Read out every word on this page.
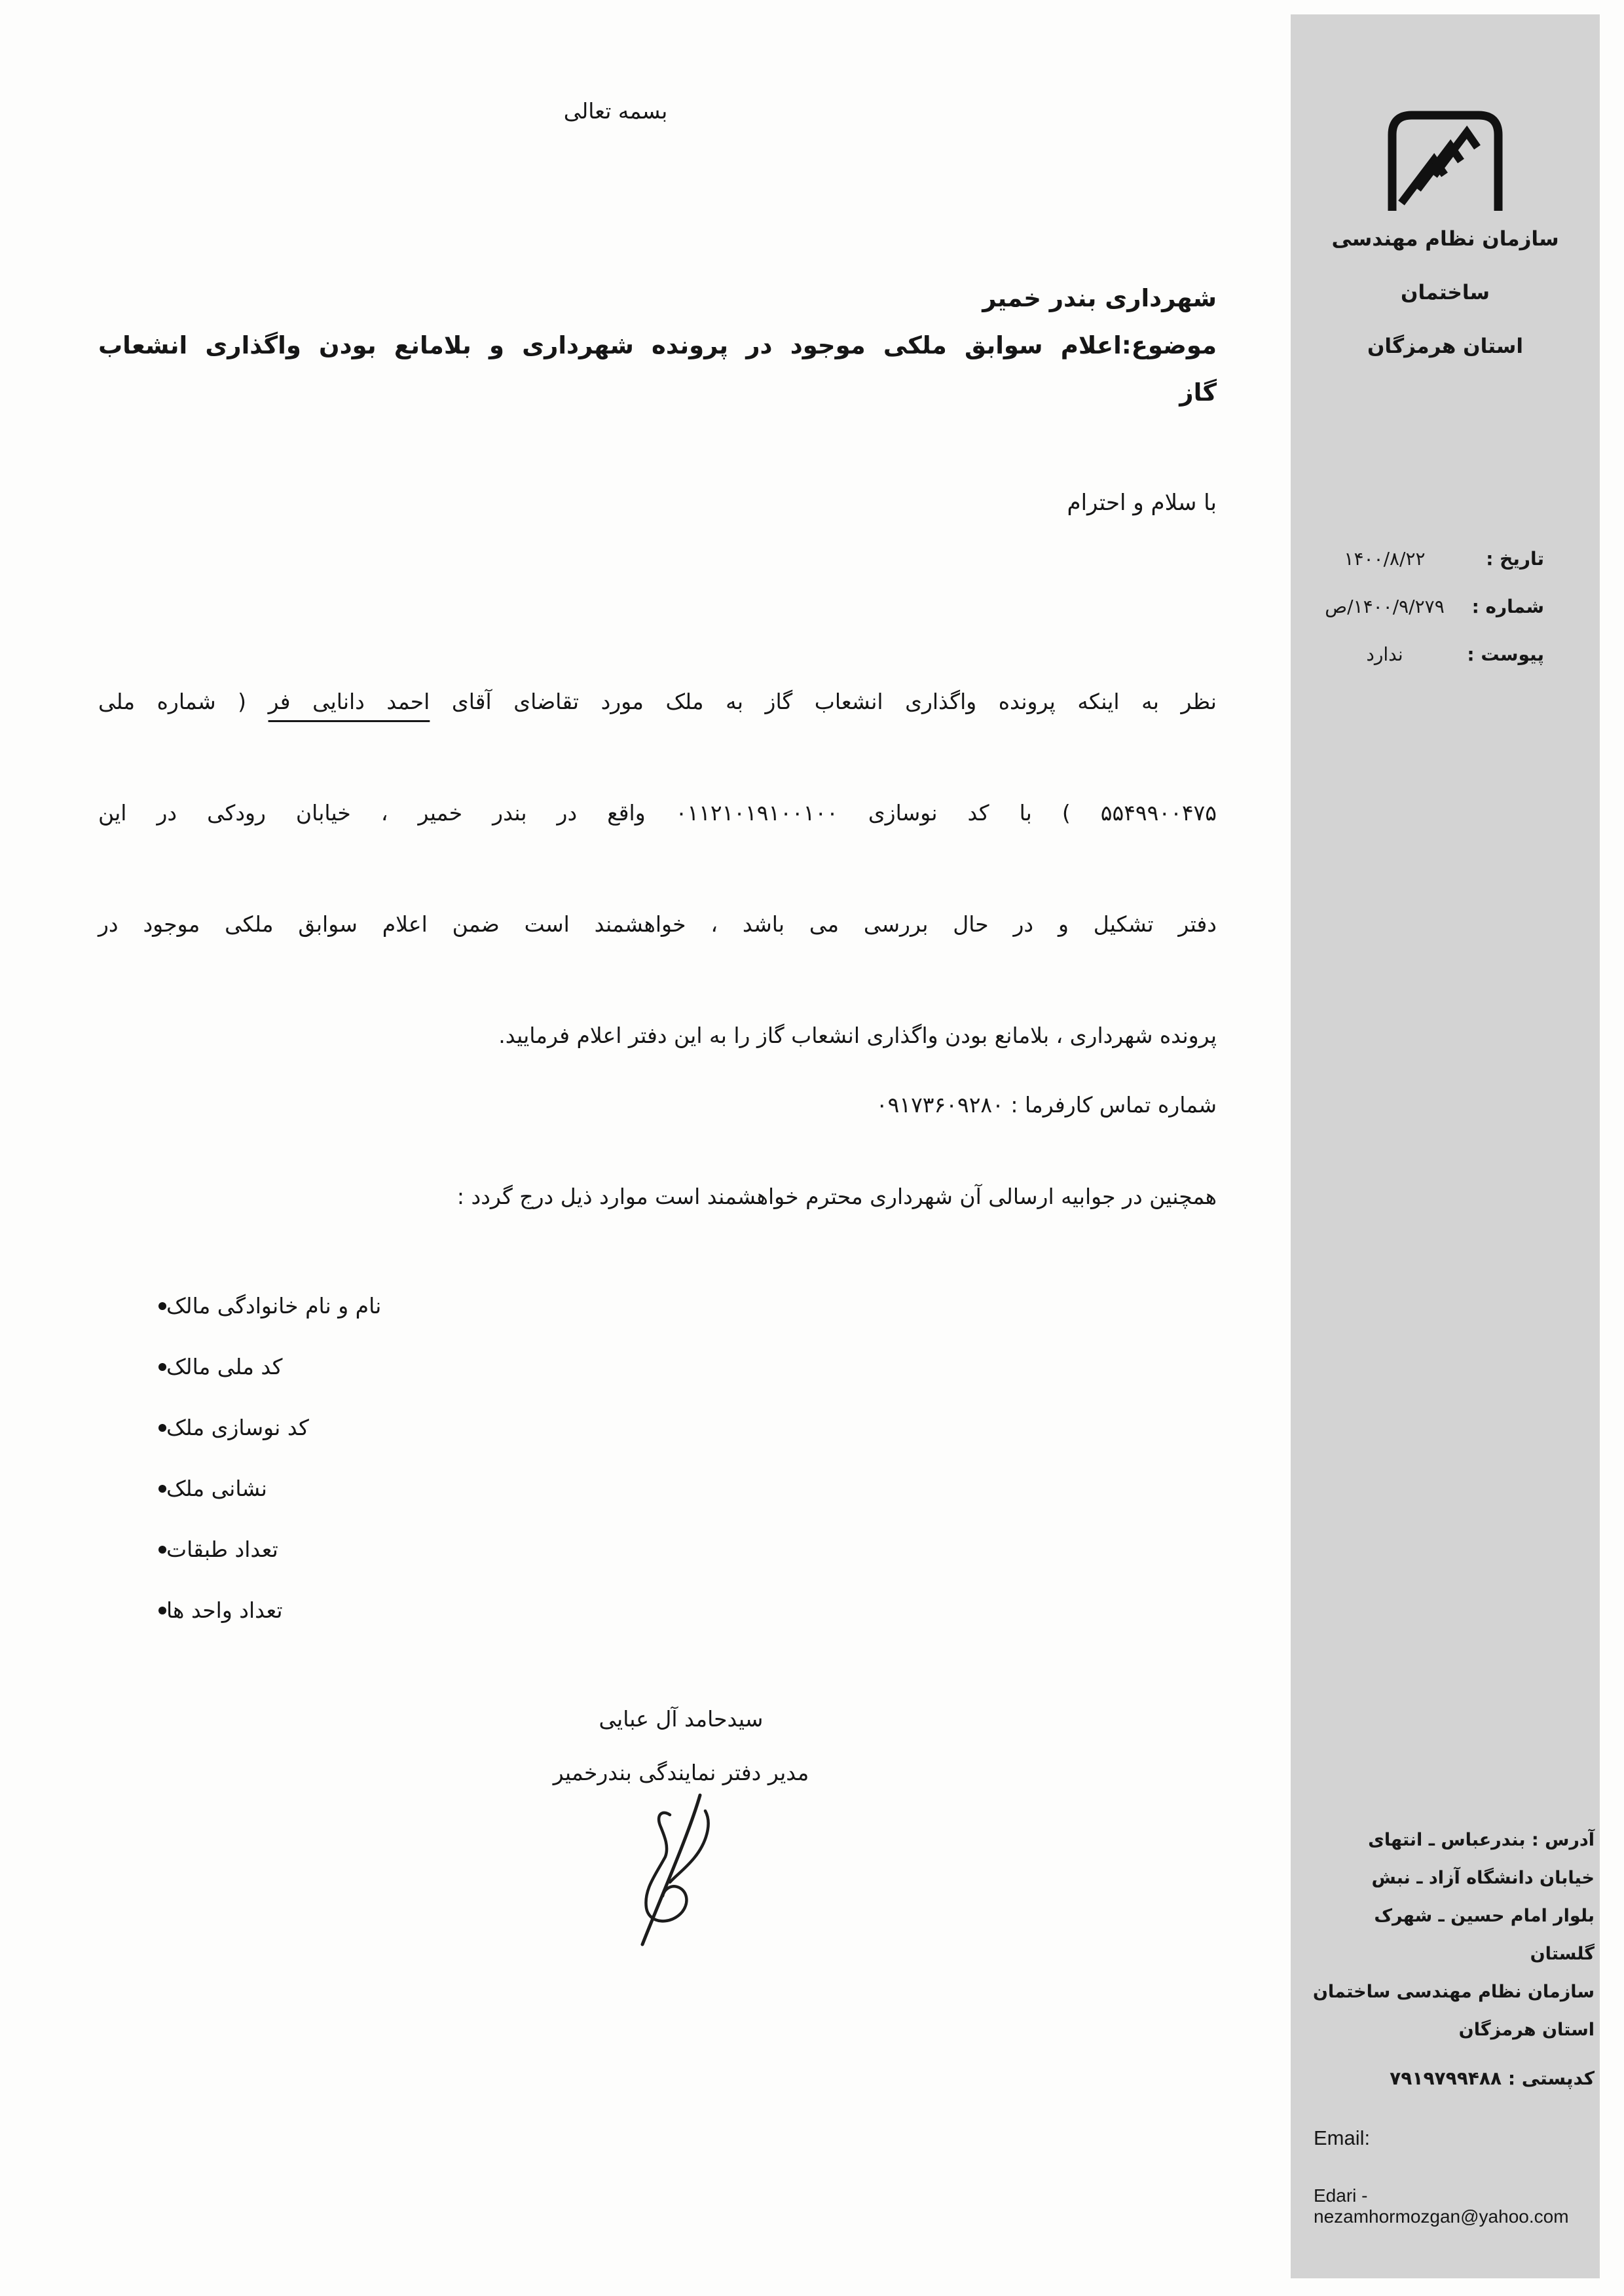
بسمه تعالی
شهرداری بندر خمیر
موضوع:اعلام سوابق ملکی موجود در پرونده شهرداری و بلامانع بودن واگذاری انشعاب
گاز
با سلام و احترام
نظر به اینکه پرونده واگذاری انشعاب گاز به ملک مورد تقاضای آقای احمد دانایی فر ( شماره ملی
۵۵۴۹۹۰۰۴۷۵ ) با کد نوسازی ۰۱۱۲۱۰۱۹۱۰۰۱۰۰ واقع در بندر خمیر ، خیابان رودکی در این
دفتر تشکیل و در حال بررسی می باشد ، خواهشمند است ضمن اعلام سوابق ملکی موجود در
پرونده شهرداری ، بلامانع بودن واگذاری انشعاب گاز را به این دفتر اعلام فرمایید.
شماره تماس کارفرما : ۰۹۱۷۳۶۰۹۲۸۰
همچنین در جوابیه ارسالی آن شهرداری محترم خواهشمند است موارد ذیل درج گردد :
نام و نام خانوادگی مالک
کد ملی مالک
کد نوسازی ملک
نشانی ملک
تعداد طبقات
تعداد واحد ها
سیدحامد آل عبایی
مدیر دفتر نمایندگی بندرخمیر
سازمان نظام مهندسی ساختمان
استان هرمزگان
تاریخ :
۱۴۰۰/۸/۲۲
شماره :
۱۴۰۰/۹/۲۷۹/ص
پیوست :
ندارد
آدرس : بندرعباس ـ انتهای
خیابان دانشگاه آزاد ـ نبش
بلوار امام حسین ـ شهرک
گلستان
سازمان نظام مهندسی ساختمان
استان هرمزگان
کدپستی : ۷۹۱۹۷۹۹۴۸۸
Email:
Edari - nezamhormozgan@yahoo.com
